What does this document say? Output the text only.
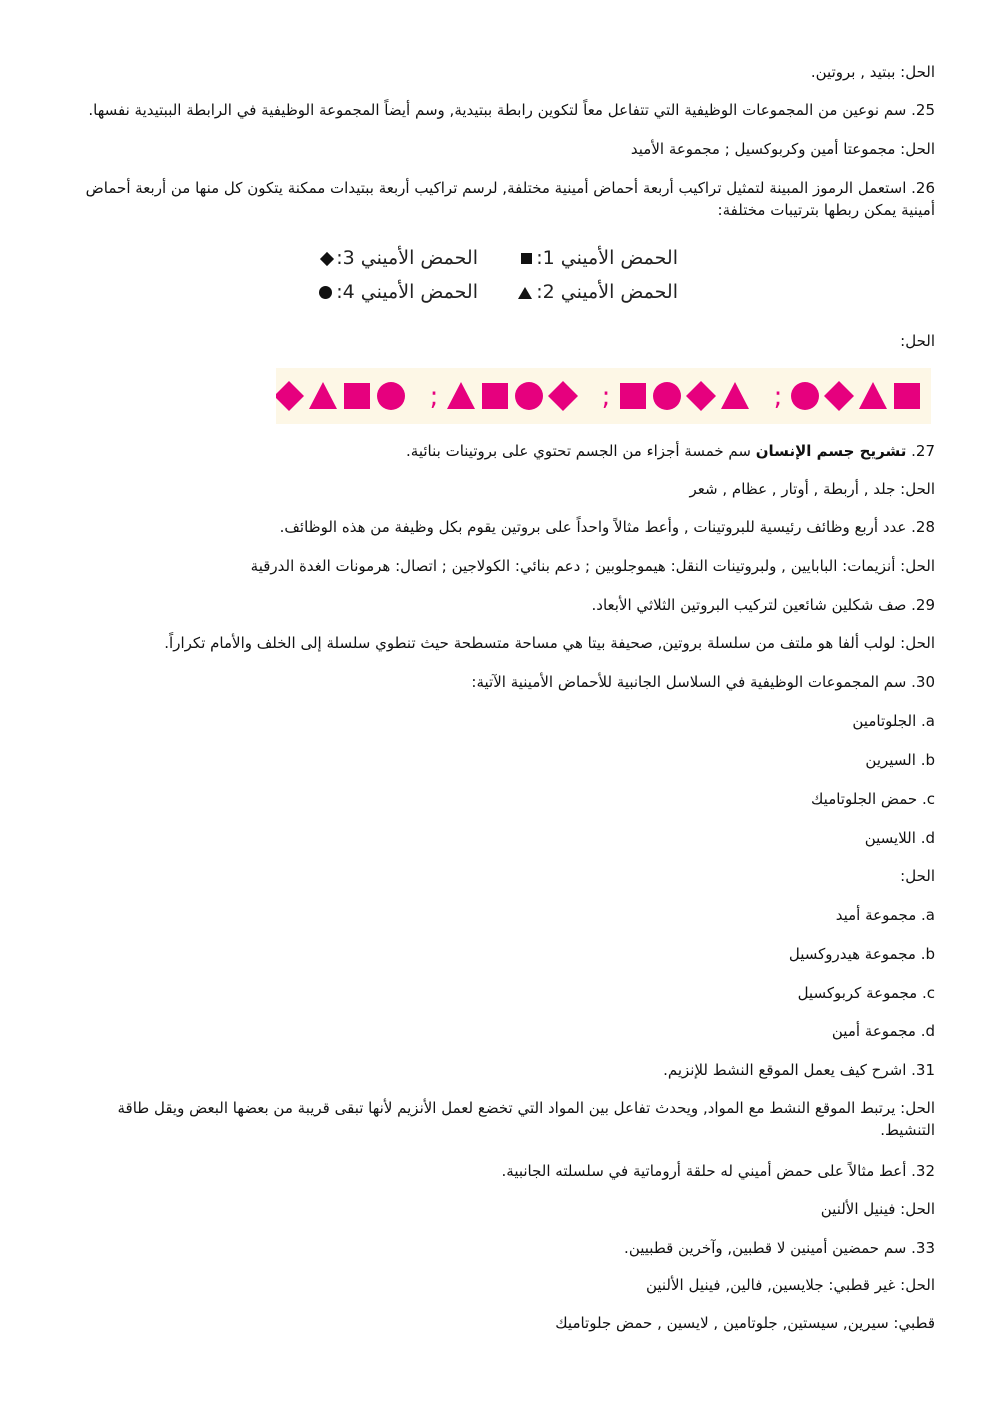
الحل: ببتيد , بروتين.
25. سم نوعين من المجموعات الوظيفية التي تتفاعل معاً لتكوين رابطة ببتيدية, وسم أيضاً المجموعة الوظيفية في الرابطة الببتيدية نفسها.
الحل: مجموعتا أمين وكربوكسيل ; مجموعة الأميد
26. استعمل الرموز المبينة لتمثيل تراكيب أربعة أحماض أمينية مختلفة, لرسم تراكيب أربعة ببتيدات ممكنة يتكون كل منها من أربعة أحماض أمينية يمكن ربطها بترتيبات مختلفة:
الحمض الأميني 1:
الحمض الأميني 2:
الحمض الأميني 3:
الحمض الأميني 4:
الحل:
;
;
;
27. تشريح جسم الإنسان سم خمسة أجزاء من الجسم تحتوي على بروتينات بنائية.
الحل: جلد , أربطة , أوتار , عظام , شعر
28. عدد أربع وظائف رئيسية للبروتينات , وأعط مثالاً واحداً على بروتين يقوم بكل وظيفة من هذه الوظائف.
الحل: أنزيمات: البابايين , ولبروتينات النقل: هيموجلوبين ; دعم بنائي: الكولاجين ; اتصال: هرمونات الغدة الدرقية
29. صف شكلين شائعين لتركيب البروتين الثلاثي الأبعاد.
الحل: لولب ألفا هو ملتف من سلسلة بروتين, صحيفة بيتا هي مساحة متسطحة حيث تنطوي سلسلة إلى الخلف والأمام تكراراً.
30. سم المجموعات الوظيفية في السلاسل الجانبية للأحماض الأمينية الآتية:
a. الجلوتامين
b. السيرين
c. حمض الجلوتاميك
d. اللايسين
الحل:
a. مجموعة أميد
b. مجموعة هيدروكسيل
c. مجموعة كربوكسيل
d. مجموعة أمين
31. اشرح كيف يعمل الموقع النشط للإنزيم.
الحل: يرتبط الموقع النشط مع المواد, ويحدث تفاعل بين المواد التي تخضع لعمل الأنزيم لأنها تبقى قريبة من بعضها البعض ويقل طاقة التنشيط.
32. أعط مثالاً على حمض أميني له حلقة أروماتية في سلسلته الجانبية.
الحل: فينيل الألنين
33. سم حمضين أمينين لا قطبين, وآخرين قطبيين.
الحل: غير قطبي: جلايسين, فالين, فينيل الألنين
قطبي: سيرين, سيستين, جلوتامين , لايسين , حمض جلوتاميك
